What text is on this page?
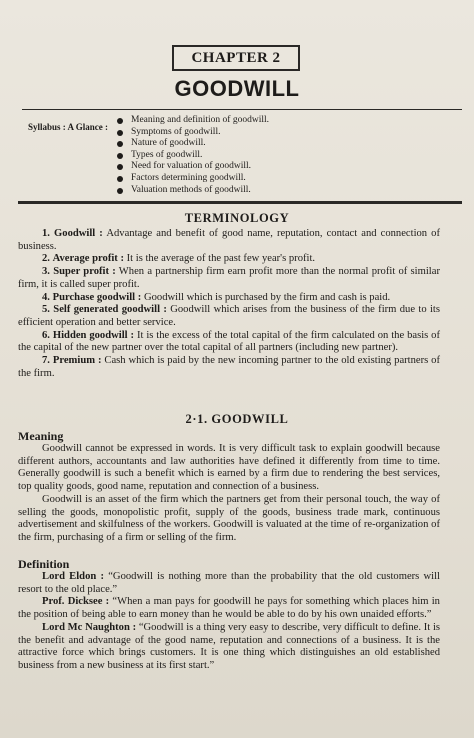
CHAPTER 2
GOODWILL
Syllabus : A Glance :
Meaning and definition of goodwill.
Symptoms of goodwill.
Nature of goodwill.
Types of goodwill.
Need for valuation of goodwill.
Factors determining goodwill.
Valuation methods of goodwill.
TERMINOLOGY

1. Goodwill : Advantage and benefit of good name, reputation, contact and connection of business.

2. Average profit : It is the average of the past few year's profit.

3. Super profit : When a partnership firm earn profit more than the normal profit of similar firm, it is called super profit.

4. Purchase goodwill : Goodwill which is purchased by the firm and cash is paid.

5. Self generated goodwill : Goodwill which arises from the business of the firm due to its efficient operation and better service.

6. Hidden goodwill : It is the excess of the total capital of the firm calculated on the basis of the capital of the new partner over the total capital of all partners (including new partner).

7. Premium : Cash which is paid by the new incoming partner to the old existing partners of the firm.

2·1. GOODWILL
Meaning

Goodwill cannot be expressed in words. It is very difficult task to explain goodwill because different authors, accountants and law authorities have defined it differently from time to time. Generally goodwill is such a benefit which is earned by a firm due to rendering the best services, top quality goods, good name, reputation and connection of a business.

Goodwill is an asset of the firm which the partners get from their personal touch, the way of selling the goods, monopolistic profit, supply of the goods, business trade mark, continuous advertisement and skilfulness of the workers. Goodwill is valuated at the time of re-organization of the firm, purchasing of a firm or selling of the firm.

Definition

Lord Eldon : “Goodwill is nothing more than the probability that the old customers will resort to the old place.”

Prof. Dicksee : “When a man pays for goodwill he pays for something which places him in the position of being able to earn money than he would be able to do by his own unaided efforts.”

Lord Mc Naughton : “Goodwill is a thing very easy to describe, very difficult to define. It is the benefit and advantage of the good name, reputation and connections of a business. It is the attractive force which brings customers. It is one thing which distinguishes an old established business from a new business at its first start.”
